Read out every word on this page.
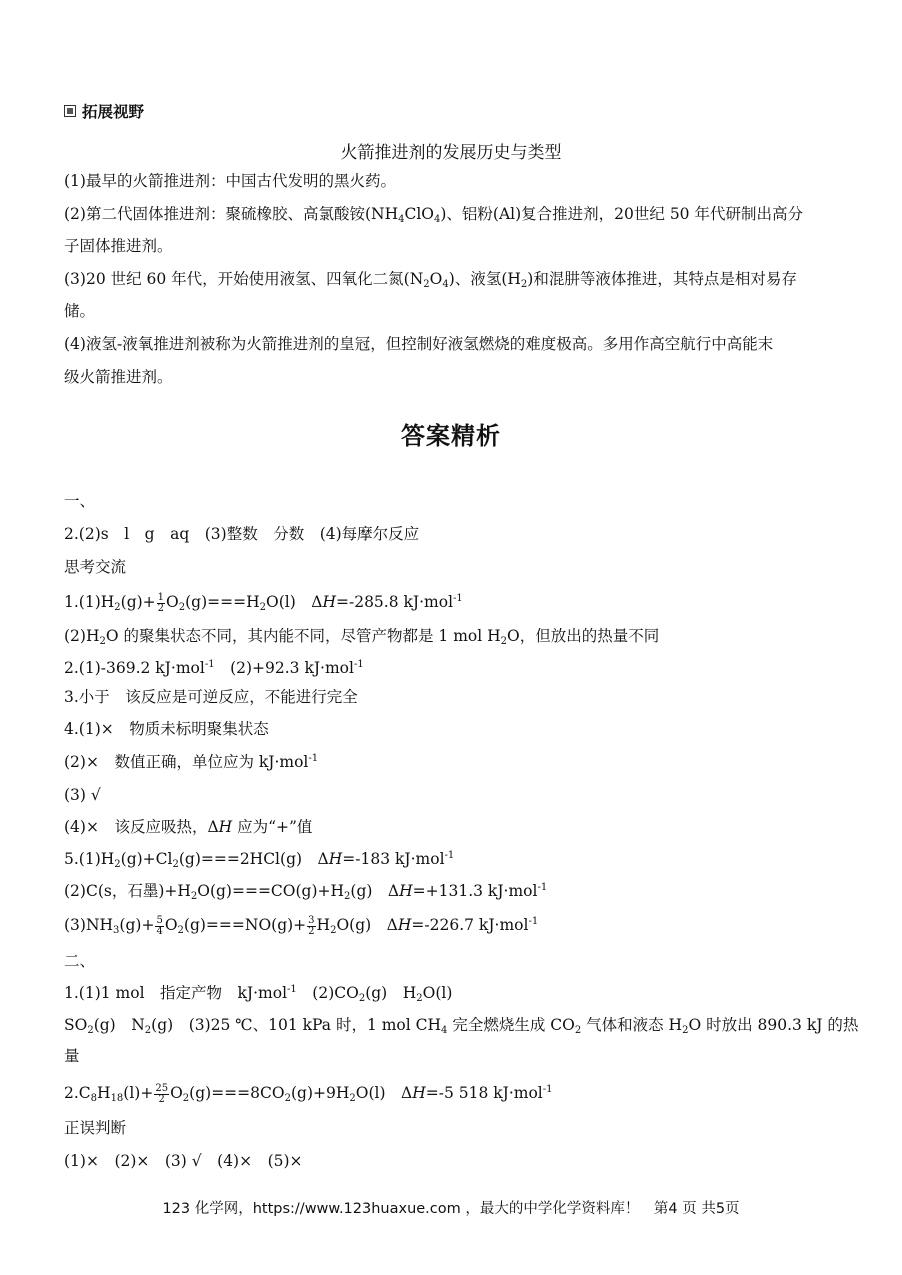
拓展视野
火箭推进剂的发展历史与类型
(1)最早的火箭推进剂：中国古代发明的黑火药。
(2)第二代固体推进剂：聚硫橡胶、高氯酸铵$(NH_4ClO_4)$、铝粉(Al)复合推进剂，20世纪 50 年代研制出高分
子固体推进剂。
(3)20 世纪 60 年代，开始使用液氢、四氧化二氮$(N_2O_4)$、液氢$(H_2)$和混肼等液体推进，其特点是相对易存
储。
(4)液氢-液氧推进剂被称为火箭推进剂的皇冠，但控制好液氢燃烧的难度极高。多用作高空航行中高能末
级火箭推进剂。
答案精析
一、
2.(2)s　l　g　aq　(3)整数　分数　(4)每摩尔反应
思考交流
$1.(1)H_2(g)+ \frac{1}{2} O_2(g)===H_2O(l)$　ΔH=-285.8 kJ·mol$^{-1}$
$(2)H_2O$ 的聚集状态不同，其内能不同，尽管产物都是 1 mol $H_2O$，但放出的热量不同
2.(1)-369.2 kJ·mol$^{-1}$　(2)+92.3 kJ·mol$^{-1}$
3.小于　该反应是可逆反应，不能进行完全
4.(1)×　物质未标明聚集状态
(2)×　数值正确，单位应为 kJ·mol$^{-1}$
(3) √
(4)×　该反应吸热，ΔH 应为“+”值
$5.(1)H_2(g)+Cl_2(g)===2HCl(g)$　ΔH=-183 kJ·mol$^{-1}$
(2)C(s，石墨)$+H_2O(g)===CO(g)+H_2(g)$　ΔH=+131.3 kJ·mol$^{-1}$
$(3)NH_3(g)+ \frac{5}{4} O_2(g)===NO(g)+ \frac{3}{2} H_2O(g)$　ΔH=-226.7 kJ·mol$^{-1}$
二、
1.(1)1 mol　指定产物　kJ·mol$^{-1}$　$(2)CO_2(g)$　$H_2O(l)$
$SO_2(g)$　$N_2(g)$　(3)25 ℃、101 kPa 时，1 mol $CH_4$ 完全燃烧生成 $CO_2$ 气体和液态 $H_2O$ 时放出 890.3 kJ 的热
量
$2.C_8H_{18}(l)+ \frac{25}{2} O_2(g)===8CO_2(g)+9H_2O(l)$　ΔH=-5 518 kJ·mol$^{-1}$
正误判断
(1)×　(2)×　(3) √　(4)×　(5)×
123 化学网，https://www.123huaxue.com ，最大的中学化学资料库！　第4 页 共5页
